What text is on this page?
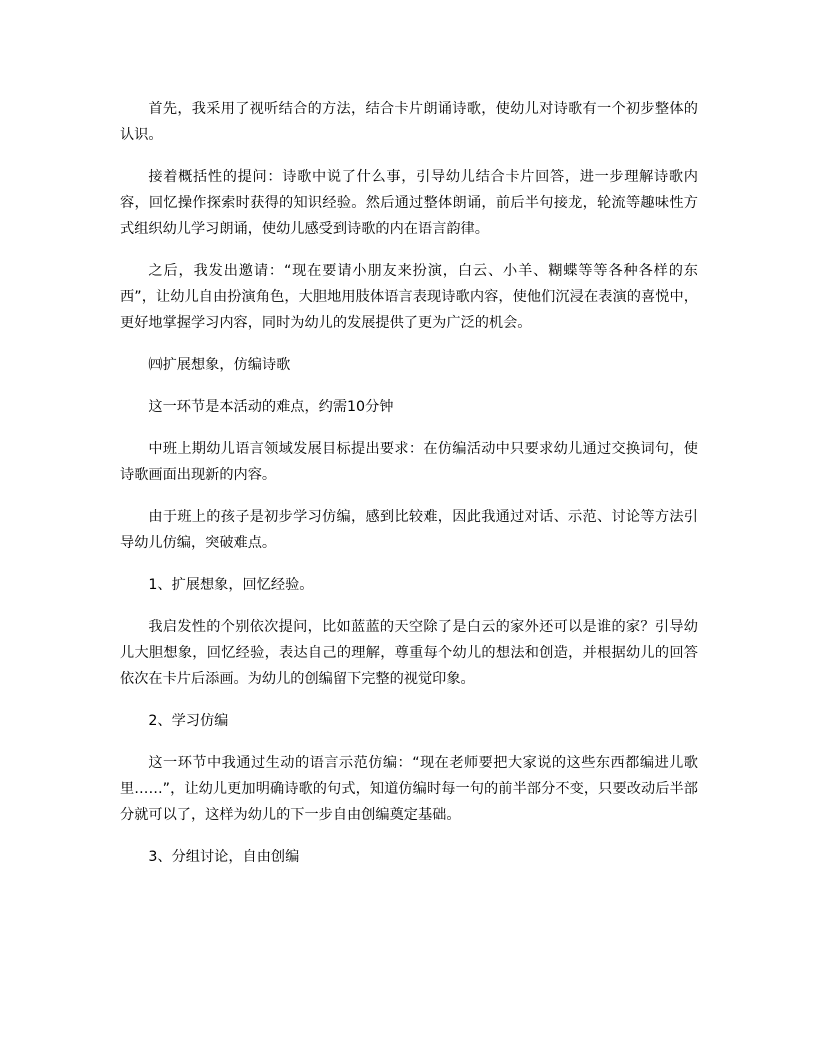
首先，我采用了视听结合的方法，结合卡片朗诵诗歌，使幼儿对诗歌有一个初步整体的认识。

接着概括性的提问：诗歌中说了什么事，引导幼儿结合卡片回答，进一步理解诗歌内容，回忆操作探索时获得的知识经验。然后通过整体朗诵，前后半句接龙，轮流等趣味性方式组织幼儿学习朗诵，使幼儿感受到诗歌的内在语言韵律。

之后，我发出邀请：“现在要请小朋友来扮演，白云、小羊、糊蝶等等各种各样的东西”，让幼儿自由扮演角色，大胆地用肢体语言表现诗歌内容，使他们沉浸在表演的喜悦中，更好地掌握学习内容，同时为幼儿的发展提供了更为广泛的机会。

㈣扩展想象，仿编诗歌

这一环节是本活动的难点，约需10分钟

中班上期幼儿语言领域发展目标提出要求：在仿编活动中只要求幼儿通过交换词句，使诗歌画面出现新的内容。

由于班上的孩子是初步学习仿编，感到比较难，因此我通过对话、示范、讨论等方法引导幼儿仿编，突破难点。

1、扩展想象，回忆经验。

我启发性的个别依次提问，比如蓝蓝的天空除了是白云的家外还可以是谁的家？引导幼儿大胆想象，回忆经验，表达自己的理解，尊重每个幼儿的想法和创造，并根据幼儿的回答依次在卡片后添画。为幼儿的创编留下完整的视觉印象。

2、学习仿编

这一环节中我通过生动的语言示范仿编：“现在老师要把大家说的这些东西都编进儿歌里……”，让幼儿更加明确诗歌的句式，知道仿编时每一句的前半部分不变，只要改动后半部分就可以了，这样为幼儿的下一步自由创编奠定基础。

3、分组讨论，自由创编
